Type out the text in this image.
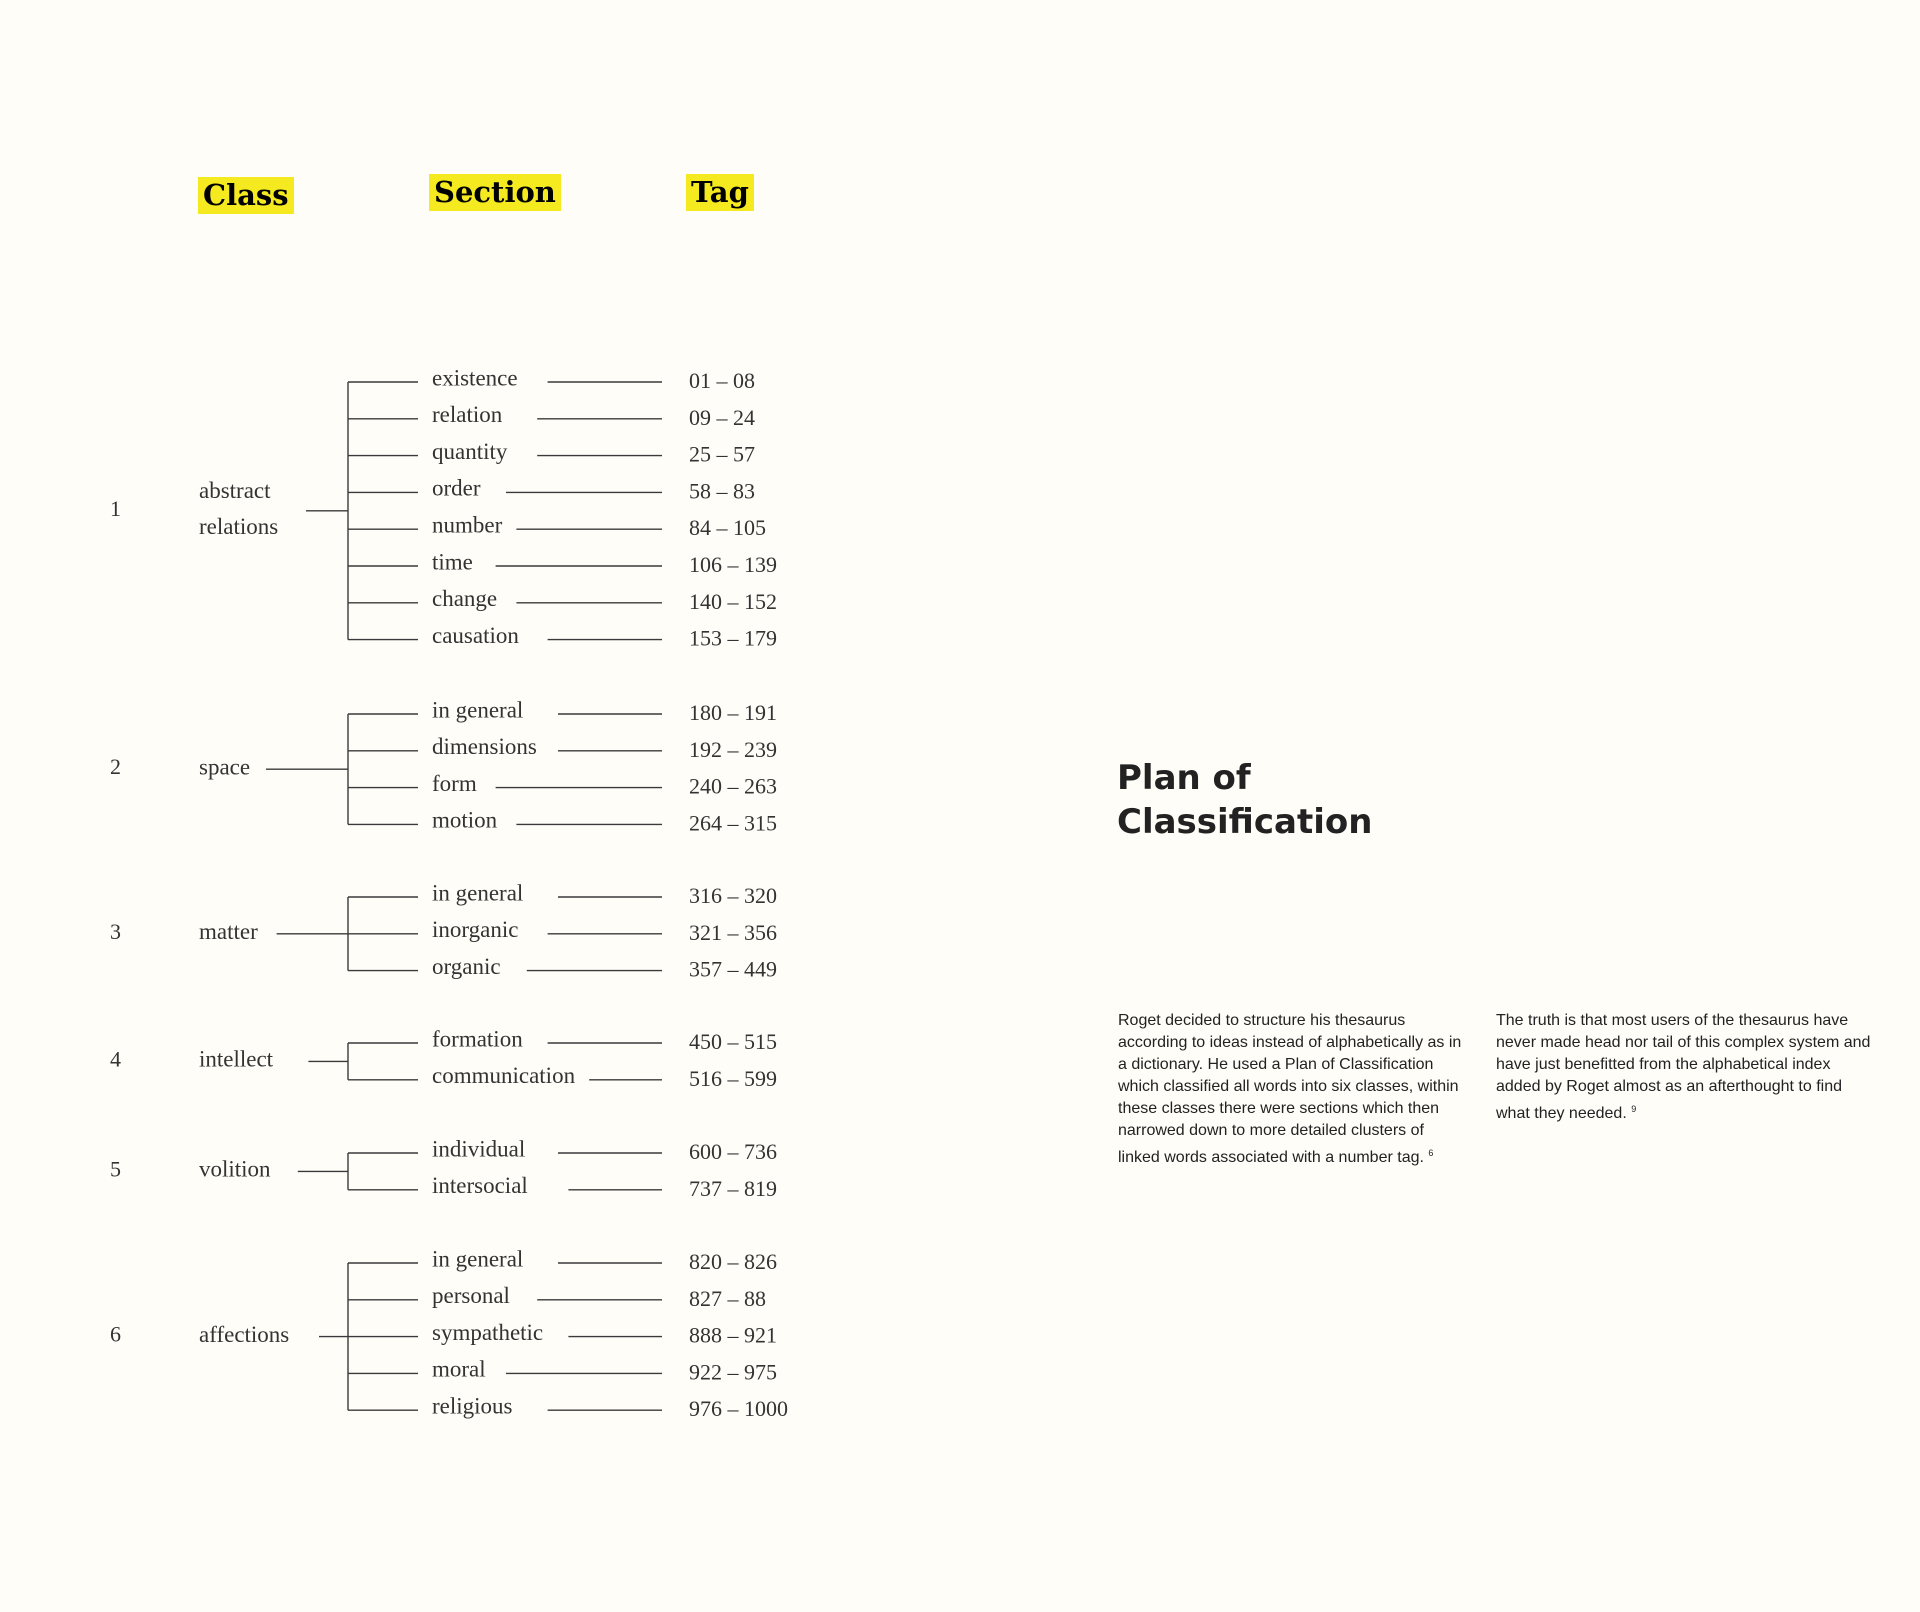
Class	Section	Tag
1
abstract
relations
existence	01 – 08
relation	09 – 24
quantity	25 – 57
order	58 – 83
number	84 – 105
time	106 – 139
change	140 – 152
causation	153 – 179
2	space
in general	180 – 191
dimensions	192 – 239
form	240 – 263
motion	264 – 315
3	matter
in general	316 – 320
inorganic	321 – 356
organic	357 – 449
4	intellect
formation	450 – 515
communication	516 – 599
5	volition
individual	600 – 736
intersocial	737 – 819
6	affections
in general	820 – 826
personal	827 – 88
sympathetic	888 – 921
moral	922 – 975
religious	976 – 1000
Plan of
Classification

Roget decided to structure his thesaurus according to ideas instead of alphabetically as in a dictionary. He used a Plan of Classification which classified all words into six classes, within these classes there were sections which then narrowed down to more detailed clusters of linked words associated with a number tag. $^6$

The truth is that most users of the thesaurus have never made head nor tail of this complex system and have just benefitted from the alphabetical index added by Roget almost as an afterthought to find what they needed. $^9$
